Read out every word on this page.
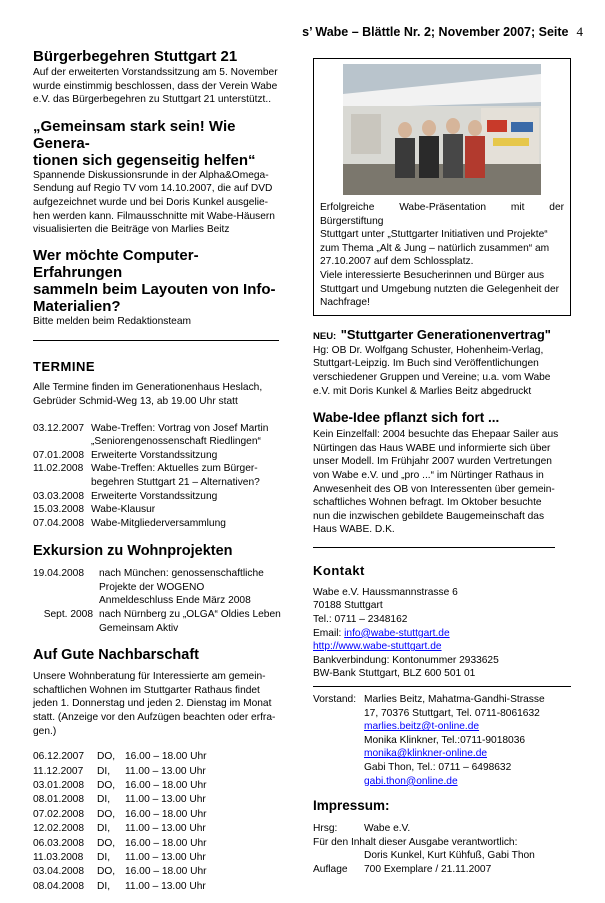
s’ Wabe – Blättle Nr. 2; November 2007; Seite 4
Bürgerbegehren Stuttgart 21

Auf der erweiterten Vorstandssitzung am 5. November

wurde einstimmig beschlossen, dass der Verein Wabe

e.V. das Bürgerbegehren zu Stuttgart 21 unterstützt..

„Gemeinsam stark sein! Wie Genera-
tionen sich gegenseitig helfen“

Spannende Diskussionsrunde in der Alpha&Omega-

Sendung auf Regio TV vom 14.10.2007, die auf DVD

aufgezeichnet wurde und bei Doris Kunkel ausgelie-

hen werden kann. Filmausschnitte mit Wabe-Häusern

visualisierten die Beiträge von Marlies Beitz

Wer möchte Computer-Erfahrungen
sammeln beim Layouten von Info-
Materialien?

Bitte melden beim Redaktionsteam

TERMINE

Alle Termine finden im Generationenhaus Heslach,

Gebrüder Schmid-Weg 13, ab 19.00 Uhr statt

03.12.2007 Wabe-Treffen: Vortrag von Josef Martin
„Seniorengenossenschaft Riedlingen“
07.01.2008 Erweiterte Vorstandssitzung
11.02.2008 Wabe-Treffen: Aktuelles zum Bürger-
begehren Stuttgart 21 – Alternativen?
03.03.2008 Erweiterte Vorstandssitzung
15.03.2008 Wabe-Klausur
07.04.2008 Wabe-Mitgliederversammlung
Exkursion zu Wohnprojekten
19.04.2008	nach München: genossenschaftliche
Projekte der WOGENO
Anmeldeschluss Ende März 2008
Sept. 2008 nach Nürnberg zu „OLGA“ Oldies Leben
Gemeinsam Aktiv
Auf Gute Nachbarschaft

Unsere Wohnberatung für Interessierte am gemein-

schaftlichen Wohnen im Stuttgarter Rathaus findet

jeden 1. Donnerstag und jeden 2. Dienstag im Monat

statt. (Anzeige vor den Aufzügen beachten oder erfra-

gen.)

06.12.2007	DO, 16.00 – 18.00 Uhr
11.12.2007	DI,	11.00 – 13.00 Uhr
03.01.2008	DO, 16.00 – 18.00 Uhr
08.01.2008	DI,	11.00 – 13.00 Uhr
07.02.2008	DO, 16.00 – 18.00 Uhr
12.02.2008	DI,	11.00 – 13.00 Uhr
06.03.2008	DO, 16.00 – 18.00 Uhr
11.03.2008	DI,	11.00 – 13.00 Uhr
03.04.2008	DO, 16.00 – 18.00 Uhr
08.04.2008	DI,	11.00 – 13.00 Uhr

Erfolgreiche Wabe-Präsentation mit der Bürgerstiftung

Stuttgart unter „Stuttgarter Initiativen und Projekte“

zum Thema „Alt & Jung – natürlich zusammen“ am

27.10.2007 auf dem Schlossplatz.

Viele interessierte Besucherinnen und Bürger aus

Stuttgart und Umgebung nutzten die Gelegenheit der

Nachfrage!

NEU: "Stuttgarter Generationenvertrag"

Hg: OB Dr. Wolfgang Schuster, Hohenheim-Verlag,

Stuttgart-Leipzig. Im Buch sind Veröffentlichungen

verschiedener Gruppen und Vereine; u.a. vom Wabe

e.V. mit Doris Kunkel & Marlies Beitz abgedruckt

Wabe-Idee pflanzt sich fort ...

Kein Einzelfall: 2004 besuchte das Ehepaar Sailer aus

Nürtingen das Haus WABE und informierte sich über

unser Modell. Im Frühjahr 2007 wurden Vertretungen

von Wabe e.V. und „pro ...“ im Nürtinger Rathaus in

Anwesenheit des OB von Interessenten über gemein-

schaftliches Wohnen befragt. Im Oktober besuchte

nun die inzwischen gebildete Baugemeinschaft das

Haus WABE. D.K.

Kontakt

Wabe e.V. Haussmannstrasse 6

70188 Stuttgart

Tel.: 0711 – 2348162

Email: info@wabe-stuttgart.de

http://www.wabe-stuttgart.de

Bankverbindung: Kontonummer 2933625

BW-Bank Stuttgart, BLZ 600 501 01

Vorstand: Marlies Beitz, Mahatma-Gandhi-Strasse
17, 70376 Stuttgart, Tel. 0711-8061632
marlies.beitz@t-online.de
Monika Klinkner, Tel.:0711-9018036
monika@klinkner-online.de
Gabi Thon, Tel.: 0711 – 6498632
gabi.thon@online.de
Impressum:
Hrsg:	Wabe e.V.

Für den Inhalt dieser Ausgabe verantwortlich:

Doris Kunkel, Kurt Kühfuß, Gabi Thon

Auflage	700 Exemplare / 21.11.2007
